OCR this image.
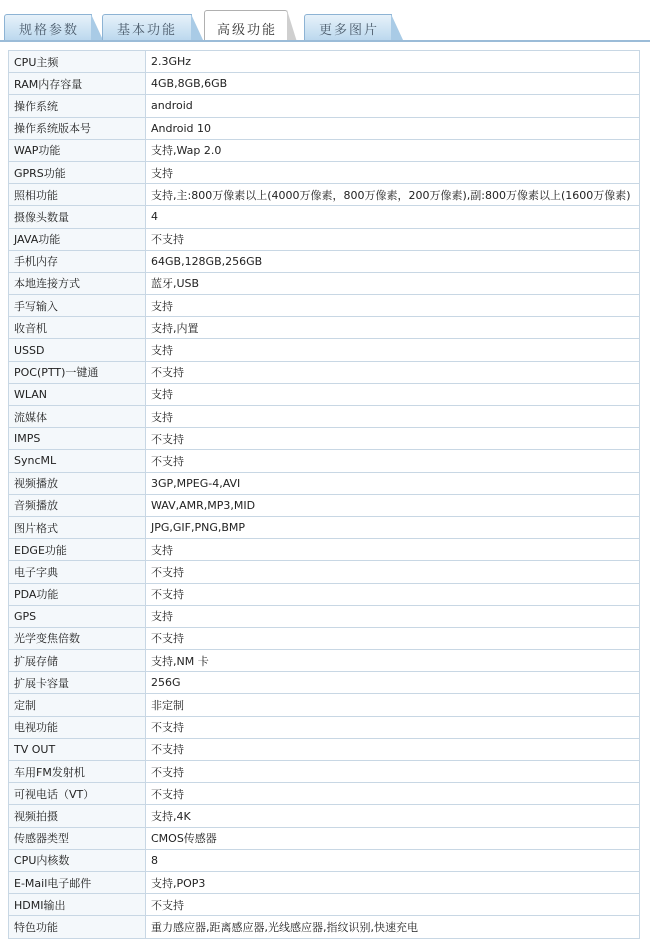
规格参数	基本功能	高级功能	更多图片
CPU主频	2.3GHz
RAM内存容量	4GB,8GB,6GB
操作系统	android
操作系统版本号	Android 10
WAP功能	支持,Wap 2.0
GPRS功能	支持
照相功能	支持,主:800万像素以上(4000万像素，800万像素，200万像素),副:800万像素以上(1600万像素)
摄像头数量	4
JAVA功能	不支持
手机内存	64GB,128GB,256GB
本地连接方式	蓝牙,USB
手写输入	支持
收音机	支持,内置
USSD	支持
POC(PTT)一键通	不支持
WLAN	支持
流媒体	支持
IMPS	不支持
SyncML	不支持
视频播放	3GP,MPEG-4,AVI
音频播放	WAV,AMR,MP3,MID
图片格式	JPG,GIF,PNG,BMP
EDGE功能	支持
电子字典	不支持
PDA功能	不支持
GPS	支持
光学变焦倍数	不支持
扩展存储	支持,NM 卡
扩展卡容量	256G
定制	非定制
电视功能	不支持
TV OUT	不支持
车用FM发射机	不支持
可视电话（VT）	不支持
视频拍摄	支持,4K
传感器类型	CMOS传感器
CPU内核数	8
E-Mail电子邮件	支持,POP3
HDMI输出	不支持
特色功能	重力感应器,距离感应器,光线感应器,指纹识别,快速充电
